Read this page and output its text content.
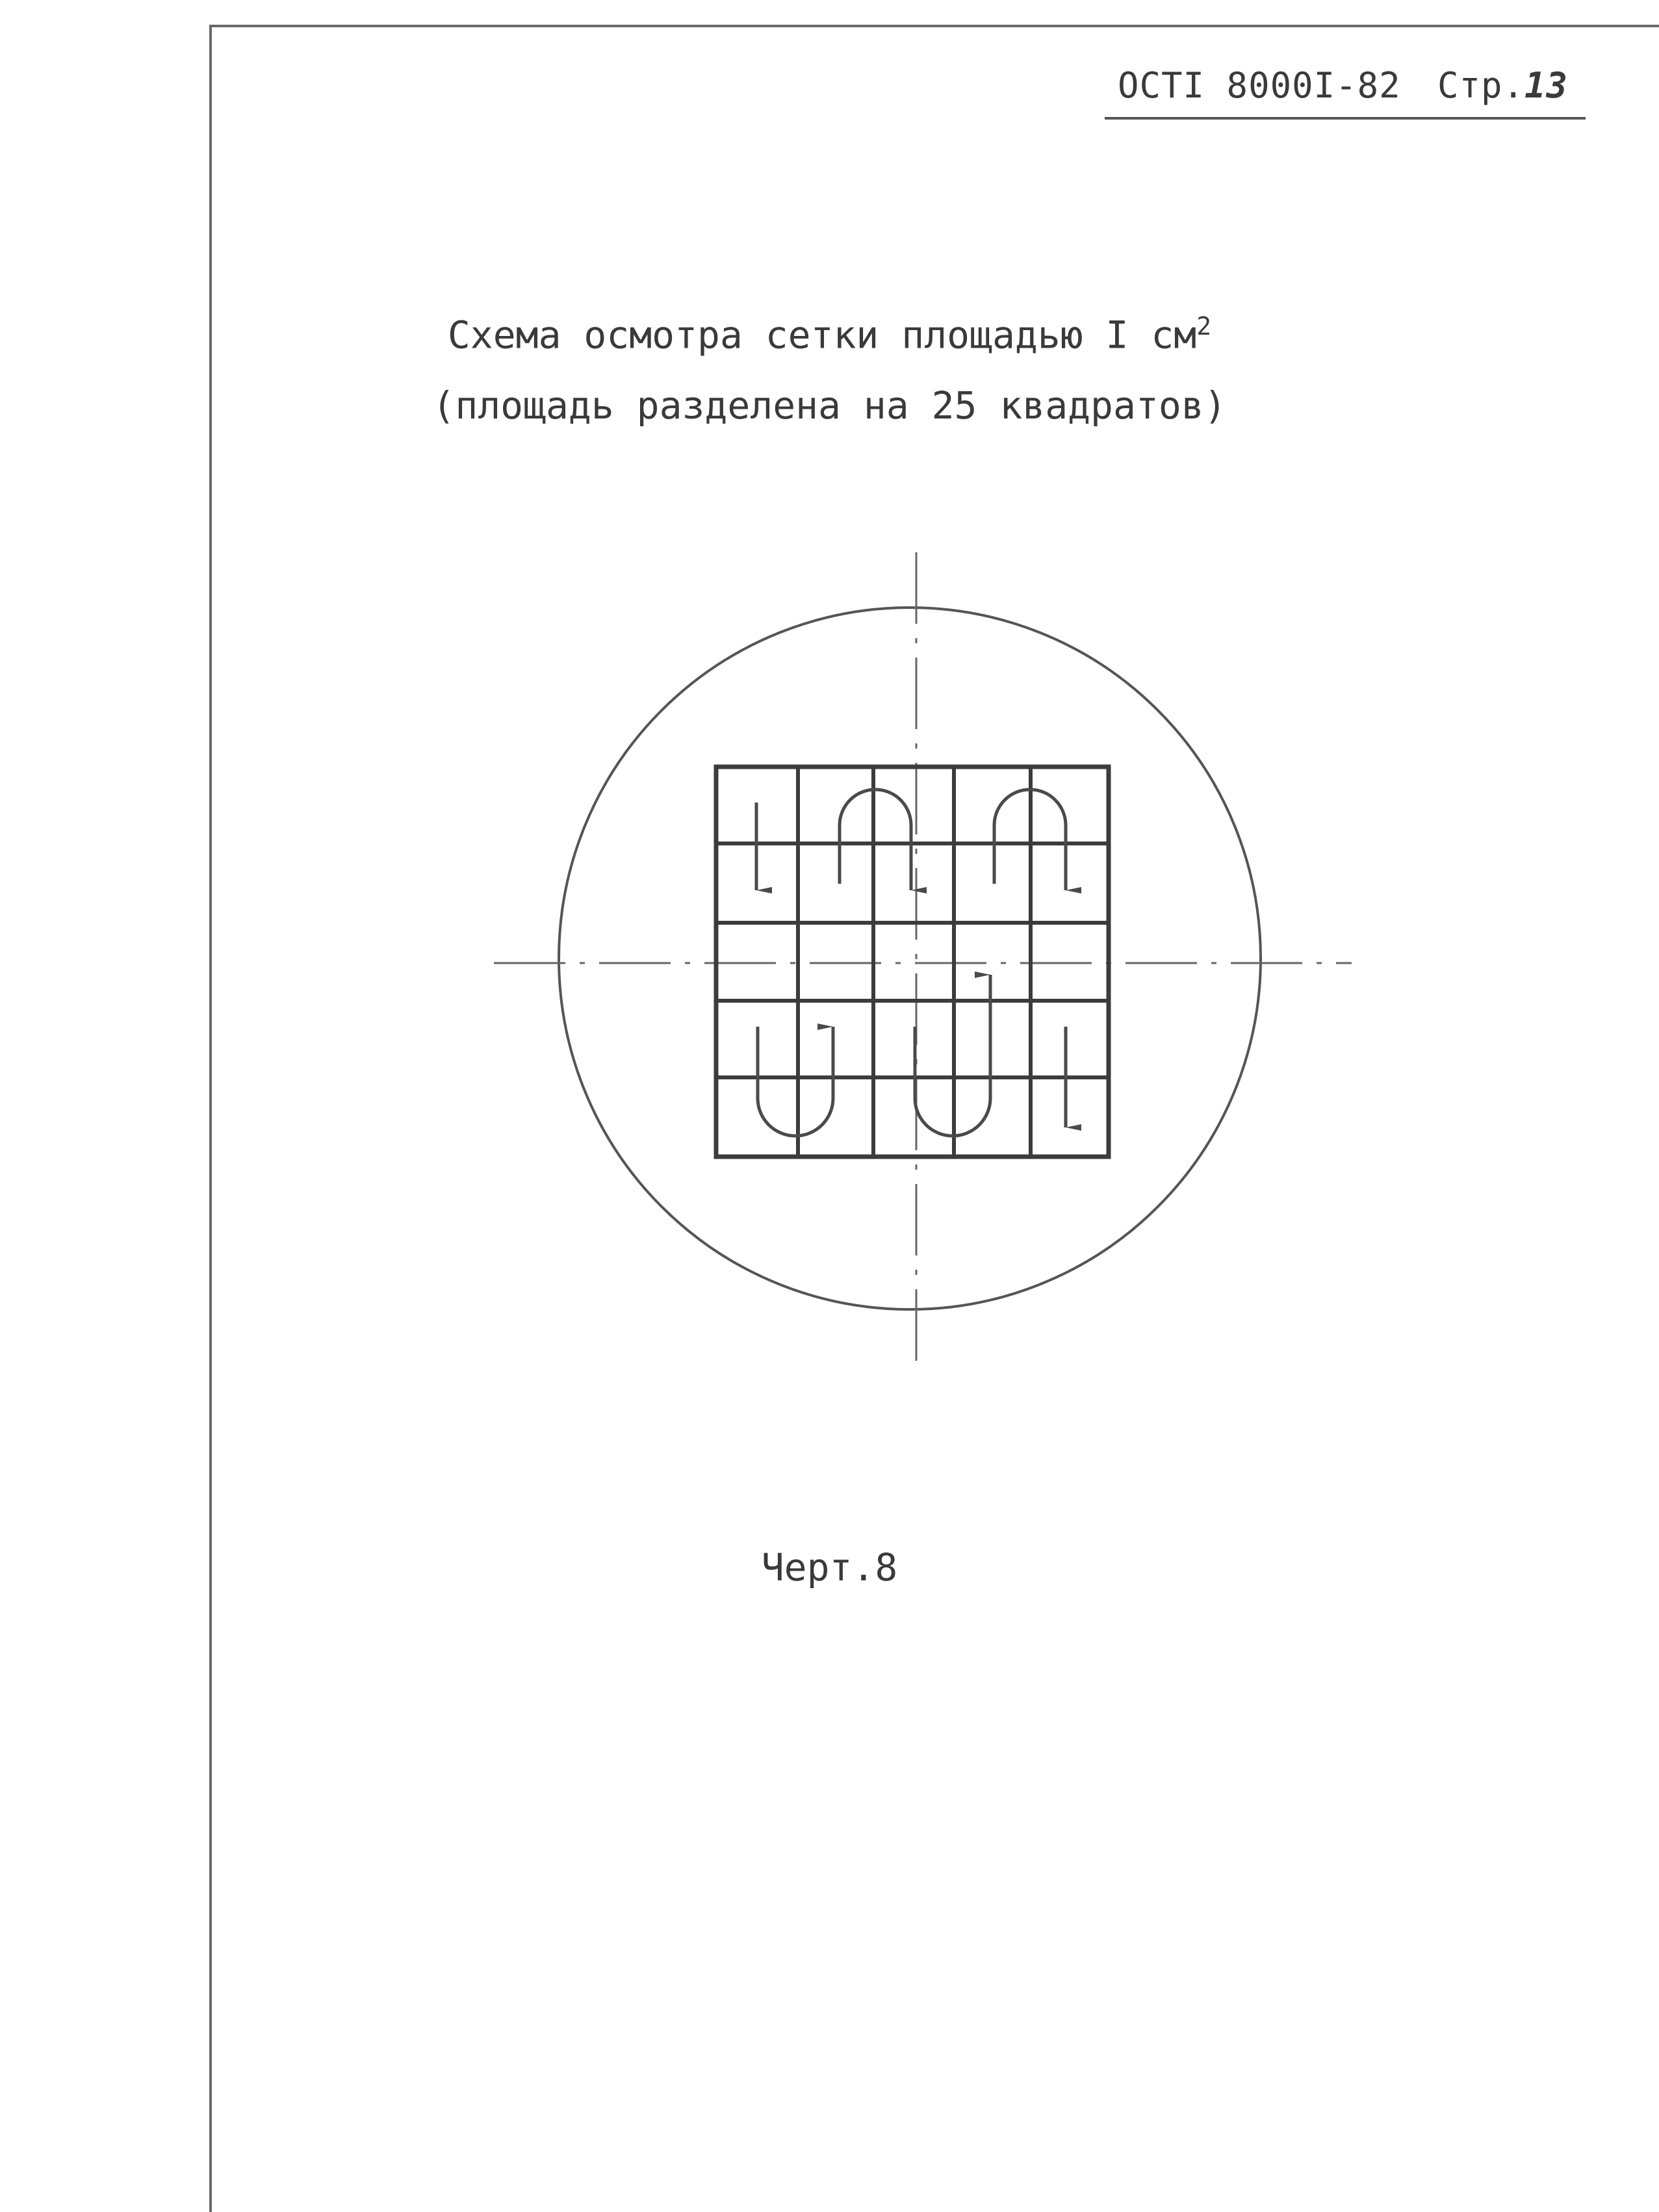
ОСТI 8000I-82 Стр.13
Схема осмотра сетки площадью I $см^2$
(площадь разделена на 25 квадратов)
Черт.8
